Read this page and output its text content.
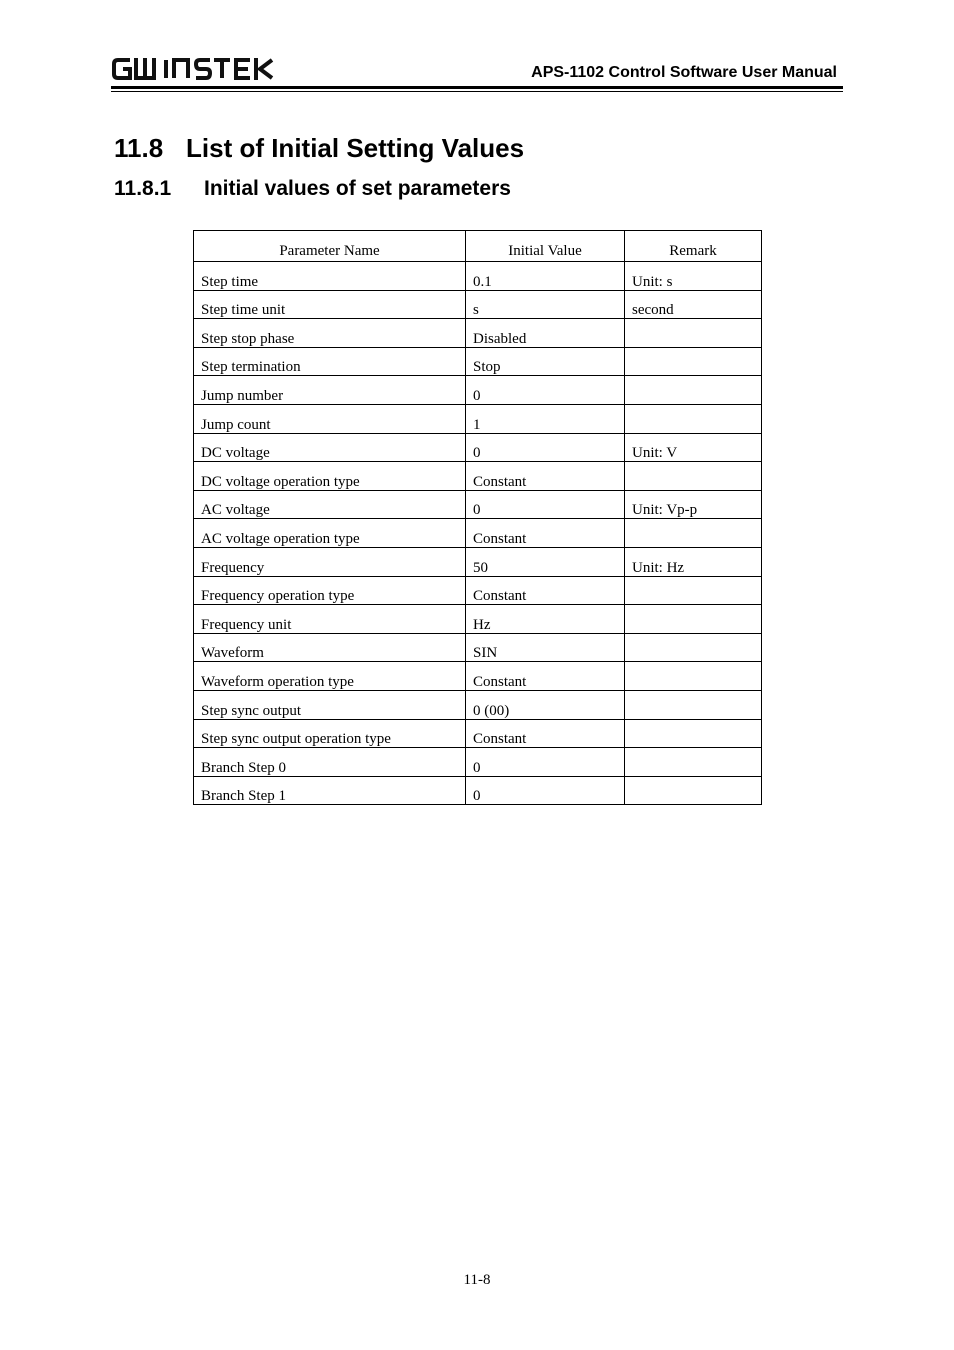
APS-1102 Control Software User Manual
11.8 List of Initial Setting Values
11.8.1 Initial values of set parameters
Parameter Name	Initial Value	Remark
Step time	0.1	Unit: s
Step time unit	s	second
Step stop phase	Disabled	
Step termination	Stop	
Jump number	0	
Jump count	1	
DC voltage	0	Unit: V
DC voltage operation type	Constant	
AC voltage	0	Unit: Vp-p
AC voltage operation type	Constant	
Frequency	50	Unit: Hz
Frequency operation type	Constant	
Frequency unit	Hz	
Waveform	SIN	
Waveform operation type	Constant	
Step sync output	0 (00)	
Step sync output operation type	Constant	
Branch Step 0	0	
Branch Step 1	0	
11-8
